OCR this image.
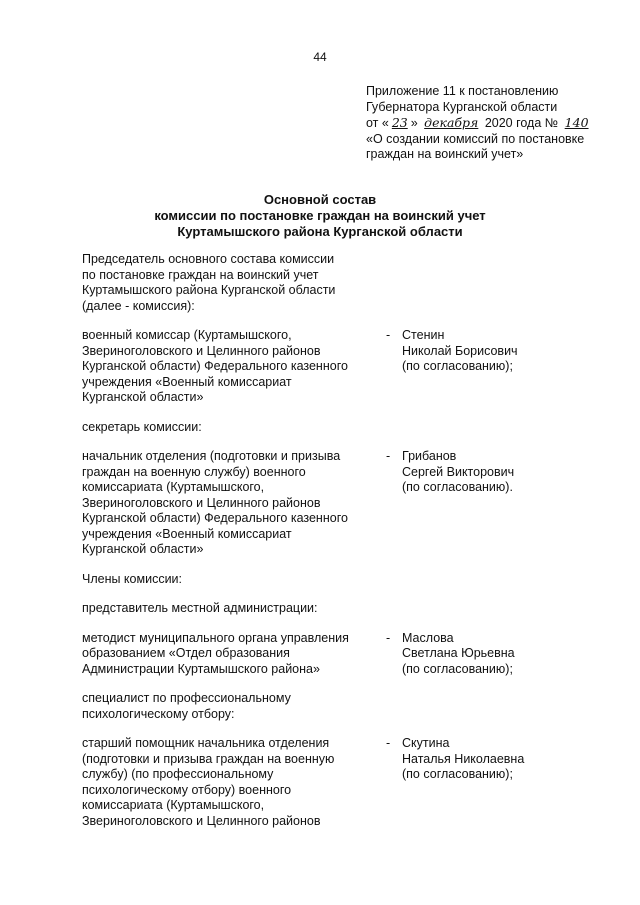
44
Приложение 11 к постановлению
Губернатора Курганской области
от « 23 » декабря 2020 года № 140
«О создании комиссий по постановке
граждан на воинский учет»
Основной состав
комиссии по постановке граждан на воинский учет
Куртамышского района Курганской области
Председатель основного состава комиссии
по постановке граждан на воинский учет
Куртамышского района Курганской области
(далее - комиссия):
военный комиссар (Куртамышского,
Звериноголовского и Целинного районов
Курганской области) Федерального казенного
учреждения «Военный комиссариат
Курганской области»
- Стенин
Николай Борисович
(по согласованию);
секретарь комиссии:
начальник отделения (подготовки и призыва
граждан на военную службу) военного
комиссариата (Куртамышского,
Звериноголовского и Целинного районов
Курганской области) Федерального казенного
учреждения «Военный комиссариат
Курганской области»
- Грибанов
Сергей Викторович
(по согласованию).
Члены комиссии:
представитель местной администрации:
методист муниципального органа управления
образованием «Отдел образования
Администрации Куртамышского района»
- Маслова
Светлана Юрьевна
(по согласованию);
специалист по профессиональному
психологическому отбору:
старший помощник начальника отделения
(подготовки и призыва граждан на военную
службу) (по профессиональному
психологическому отбору) военного
комиссариата (Куртамышского,
Звериноголовского и Целинного районов
- Скутина
Наталья Николаевна
(по согласованию);
